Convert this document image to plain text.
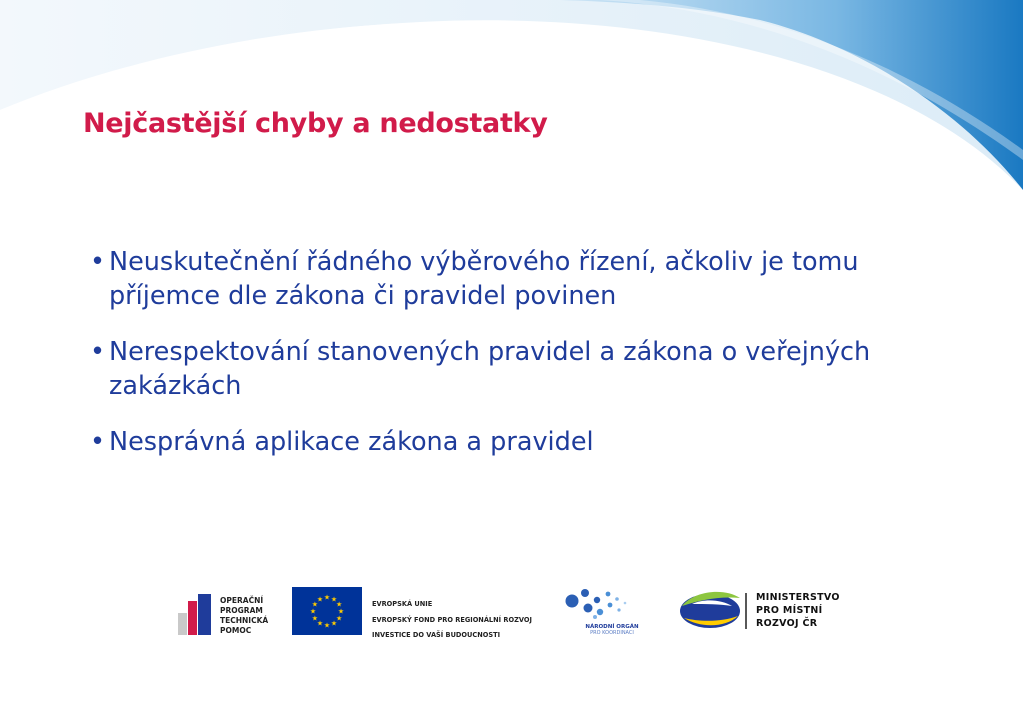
Nejčastější chyby a nedostatky
• Neuskutečnění řádného výběrového řízení, ačkoliv je tomu příjemce dle zákona či pravidel povinen
• Nerespektování stanovených pravidel a zákona o veřejných zakázkách
• Nesprávná aplikace zákona a pravidel
★ ★
★
★
★
★
★
★
★
★
★
★
OPERAČNÍ
PROGRAM
TECHNICKÁ
POMOC
EVROPSKÁ UNIE
EVROPSKÝ FOND PRO REGIONÁLNÍ ROZVOJ
INVESTICE DO VAŠÍ BUDOUCNOSTI
NÁRODNÍ ORGÁN
PRO KOORDINACI
MINISTERSTVO
PRO MÍSTNÍ
ROZVOJ ČR
